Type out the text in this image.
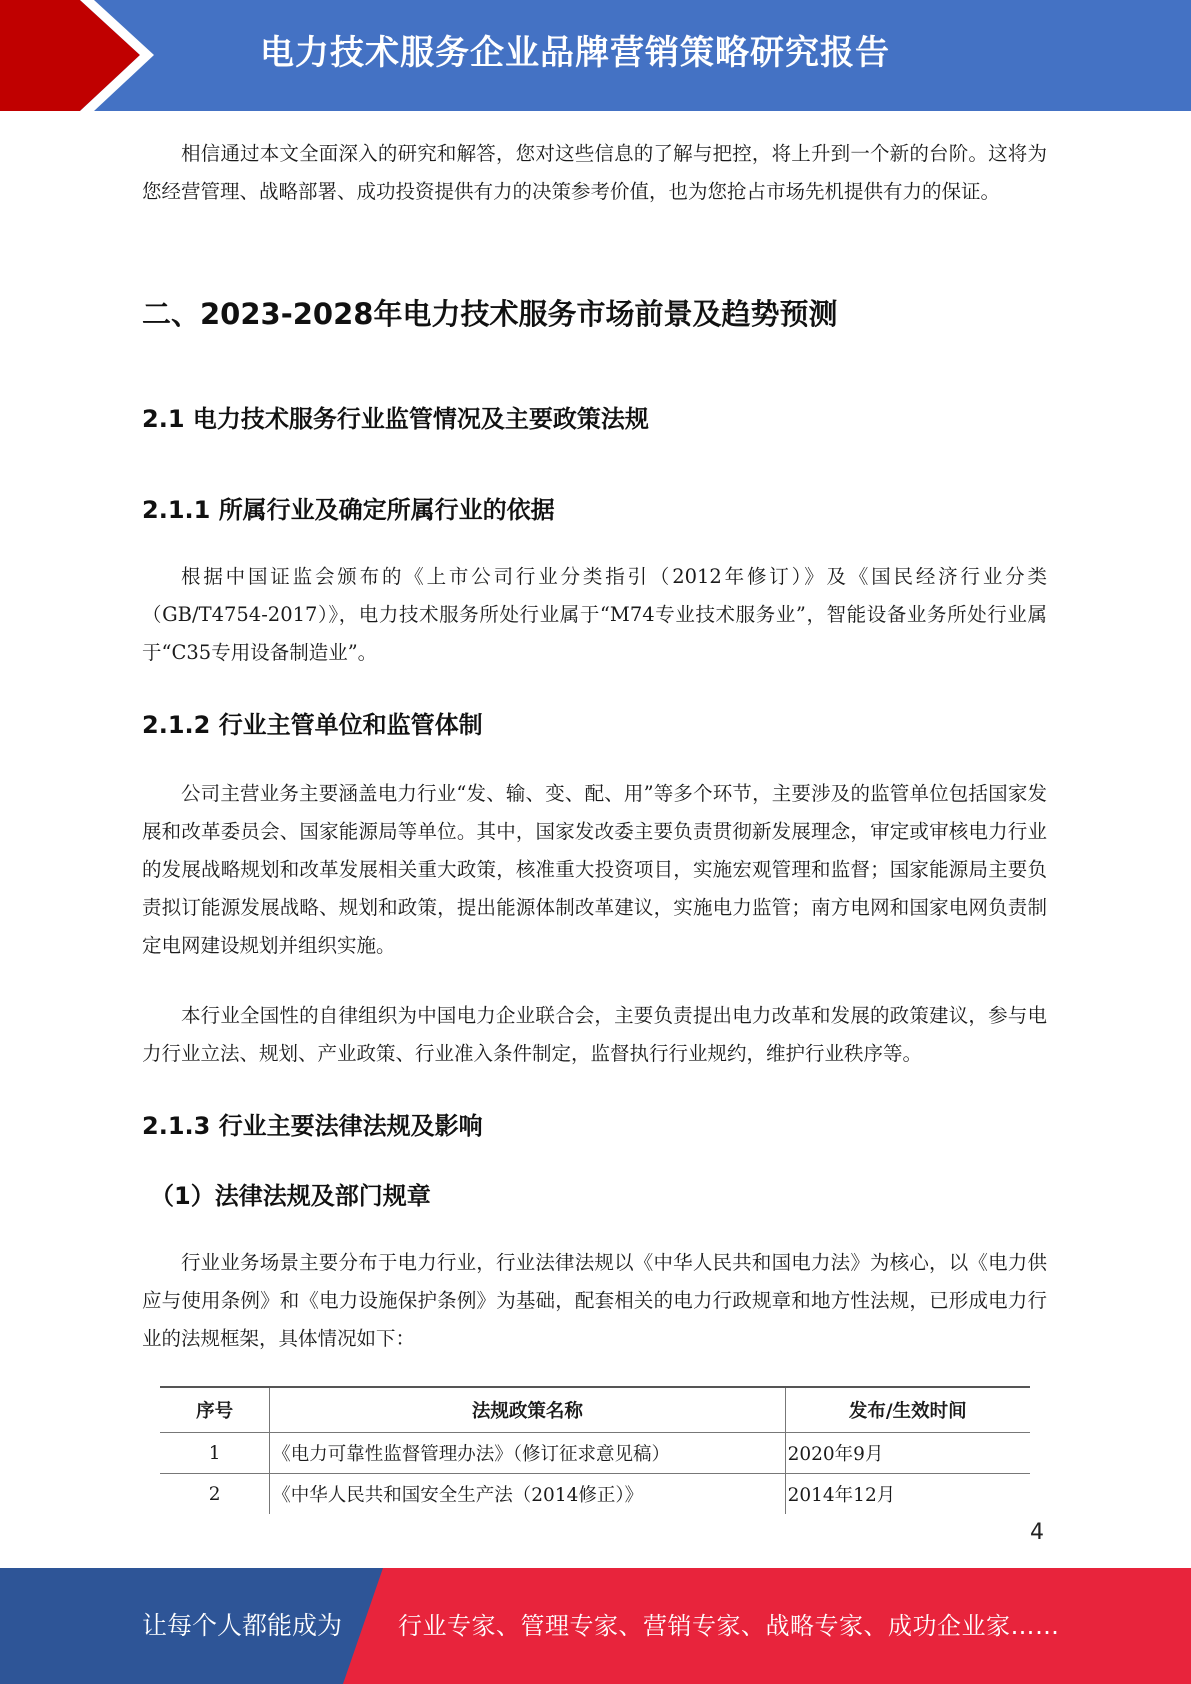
电力技术服务企业品牌营销策略研究报告

相信通过本文全面深入的研究和解答，您对这些信息的了解与把控，将上升到一个新的台阶。这将为您经营管理、战略部署、成功投资提供有力的决策参考价值，也为您抢占市场先机提供有力的保证。

二、2023-2028年电力技术服务市场前景及趋势预测
2.1 电力技术服务行业监管情况及主要政策法规
2.1.1 所属行业及确定所属行业的依据

根据中国证监会颁布的《上市公司行业分类指引（2012年修订）》及《国民经济行业分类（GB/T4754-2017）》，电力技术服务所处行业属于“M74专业技术服务业”，智能设备业务所处行业属于“C35专用设备制造业”。

2.1.2 行业主管单位和监管体制

公司主营业务主要涵盖电力行业“发、输、变、配、用”等多个环节，主要涉及的监管单位包括国家发展和改革委员会、国家能源局等单位。其中，国家发改委主要负责贯彻新发展理念，审定或审核电力行业的发展战略规划和改革发展相关重大政策，核准重大投资项目，实施宏观管理和监督；国家能源局主要负责拟订能源发展战略、规划和政策，提出能源体制改革建议，实施电力监管；南方电网和国家电网负责制定电网建设规划并组织实施。

本行业全国性的自律组织为中国电力企业联合会，主要负责提出电力改革和发展的政策建议，参与电力行业立法、规划、产业政策、行业准入条件制定，监督执行行业规约，维护行业秩序等。

2.1.3 行业主要法律法规及影响
（1）法律法规及部门规章

行业业务场景主要分布于电力行业，行业法律法规以《中华人民共和国电力法》为核心，以《电力供应与使用条例》和《电力设施保护条例》为基础，配套相关的电力行政规章和地方性法规，已形成电力行业的法规框架，具体情况如下：

序号	法规政策名称	发布/生效时间
1	《电力可靠性监督管理办法》（修订征求意见稿）	2020年9月
2	《中华人民共和国安全生产法（2014修正）》	2014年12月
4
让每个人都能成为 行业专家、管理专家、营销专家、战略专家、成功企业家……
